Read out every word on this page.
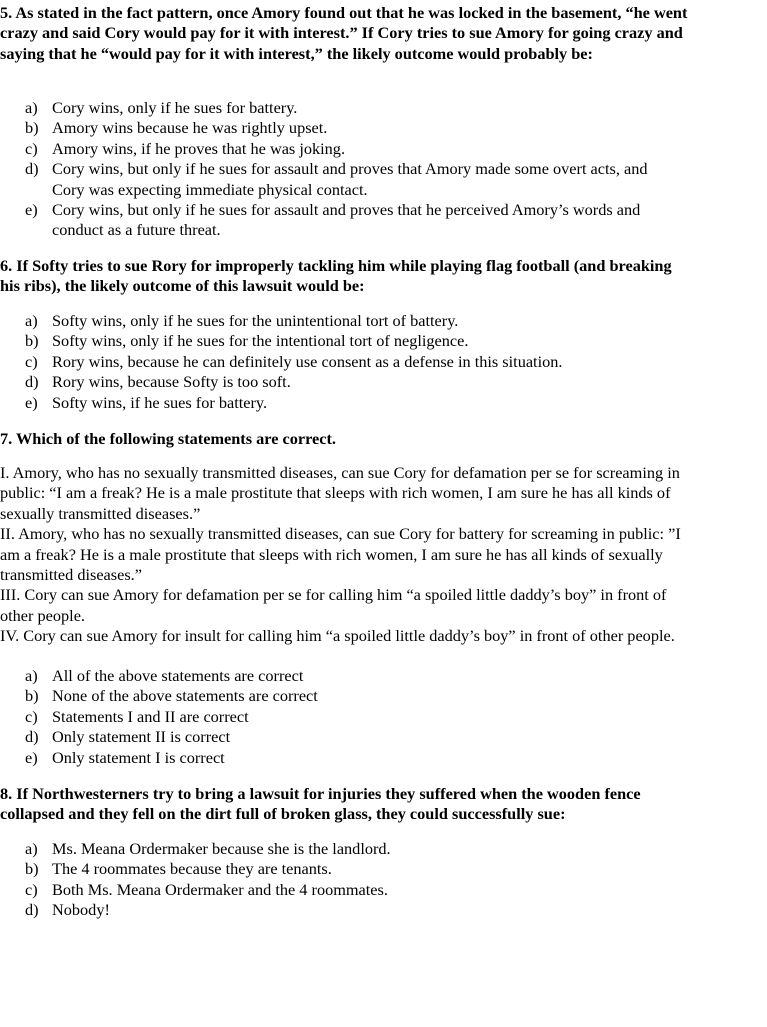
5. As stated in the fact pattern, once Amory found out that he was locked in the basement, “he went crazy and said Cory would pay for it with interest.” If Cory tries to sue Amory for going crazy and saying that he “would pay for it with interest,” the likely outcome would probably be:

a) Cory wins, only if he sues for battery.
b) Amory wins because he was rightly upset.
c) Amory wins, if he proves that he was joking.
d) Cory wins, but only if he sues for assault and proves that Amory made some overt acts, and Cory was expecting immediate physical contact.
e) Cory wins, but only if he sues for assault and proves that he perceived Amory’s words and conduct as a future threat.

6. If Softy tries to sue Rory for improperly tackling him while playing flag football (and breaking his ribs), the likely outcome of this lawsuit would be:

a) Softy wins, only if he sues for the unintentional tort of battery.
b) Softy wins, only if he sues for the intentional tort of negligence.
c) Rory wins, because he can definitely use consent as a defense in this situation.
d) Rory wins, because Softy is too soft.
e) Softy wins, if he sues for battery.

7. Which of the following statements are correct.

I. Amory, who has no sexually transmitted diseases, can sue Cory for defamation per se for screaming in public: “I am a freak? He is a male prostitute that sleeps with rich women, I am sure he has all kinds of sexually transmitted diseases.”

II. Amory, who has no sexually transmitted diseases, can sue Cory for battery for screaming in public: ”I am a freak? He is a male prostitute that sleeps with rich women, I am sure he has all kinds of sexually transmitted diseases.”

III. Cory can sue Amory for defamation per se for calling him “a spoiled little daddy’s boy” in front of other people.

IV. Cory can sue Amory for insult for calling him “a spoiled little daddy’s boy” in front of other people.

a) All of the above statements are correct
b) None of the above statements are correct
c) Statements I and II are correct
d) Only statement II is correct
e) Only statement I is correct

8. If Northwesterners try to bring a lawsuit for injuries they suffered when the wooden fence collapsed and they fell on the dirt full of broken glass, they could successfully sue:

a) Ms. Meana Ordermaker because she is the landlord.
b) The 4 roommates because they are tenants.
c) Both Ms. Meana Ordermaker and the 4 roommates.
d) Nobody!
